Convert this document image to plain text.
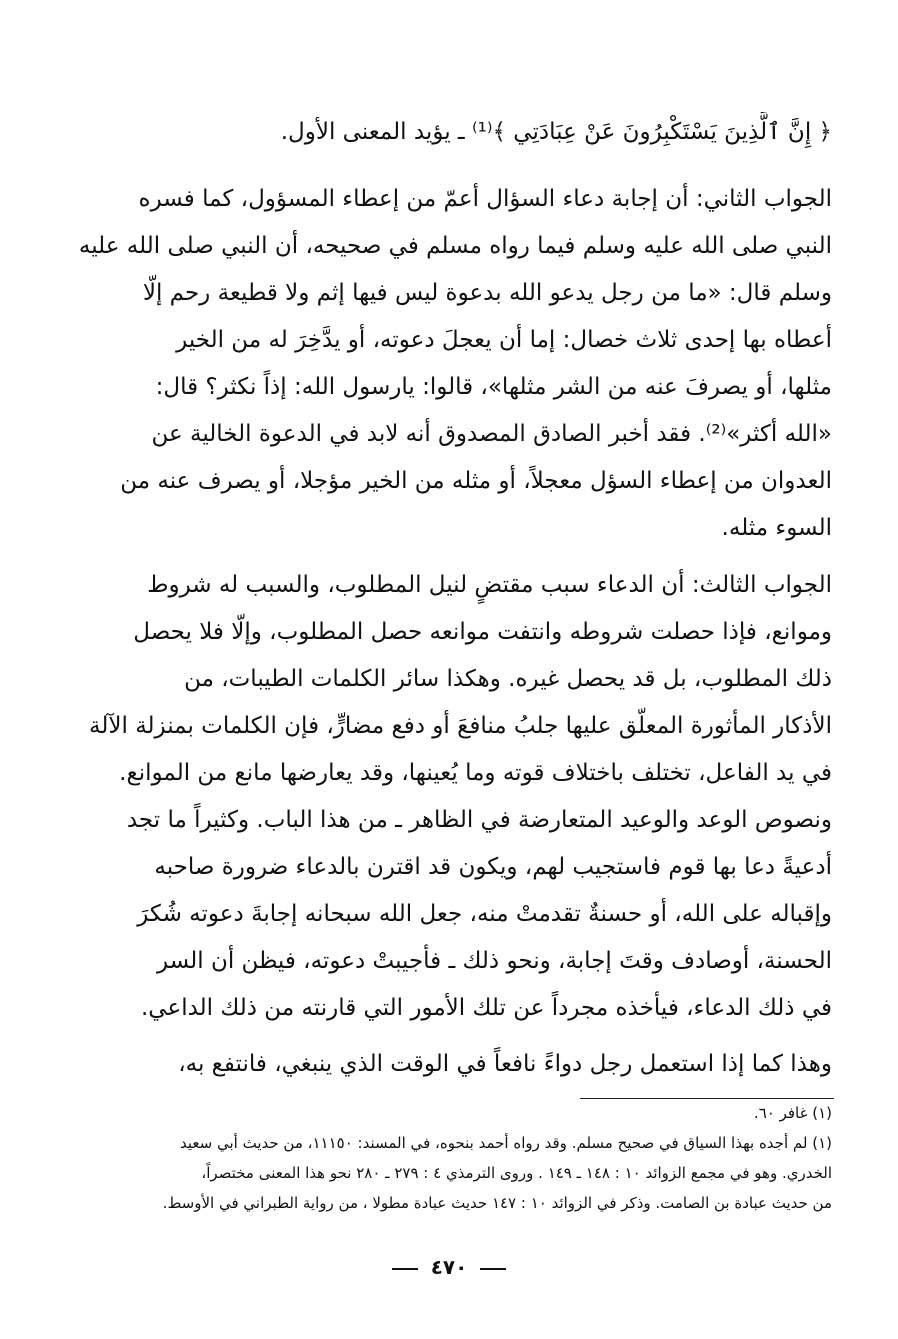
﴿ إِنَّ ٱلَّذِينَ يَسْتَكْبِرُونَ عَنْ عِبَادَتِي ﴾⁽¹⁾ ـ يؤيد المعنى الأول.
الجواب الثاني: أن إجابة دعاء السؤال أعمّ من إعطاء المسؤول، كما فسره
النبي صلى الله عليه وسلم فيما رواه مسلم في صحيحه، أن النبي صلى الله عليه
وسلم قال: «ما من رجل يدعو الله بدعوة ليس فيها إثم ولا قطيعة رحم إلّا
أعطاه بها إحدى ثلاث خصال: إما أن يعجلَ دعوته، أو يدَّخِرَ له من الخير
مثلها، أو يصرفَ عنه من الشر مثلها»، قالوا: يارسول الله: إذاً نكثر؟ قال:
«الله أكثر»⁽²⁾. فقد أخبر الصادق المصدوق أنه لابد في الدعوة الخالية عن
العدوان من إعطاء السؤل معجلاً، أو مثله من الخير مؤجلا، أو يصرف عنه من
السوء مثله.
الجواب الثالث: أن الدعاء سبب مقتضٍ لنيل المطلوب، والسبب له شروط
وموانع، فإذا حصلت شروطه وانتفت موانعه حصل المطلوب، وإلّا فلا يحصل
ذلك المطلوب، بل قد يحصل غيره. وهكذا سائر الكلمات الطيبات، من
الأذكار المأثورة المعلّق عليها جلبُ منافعَ أو دفع مضارٍّ، فإن الكلمات بمنزلة الآلة
في يد الفاعل، تختلف باختلاف قوته وما يُعينها، وقد يعارضها مانع من الموانع.
ونصوص الوعد والوعيد المتعارضة في الظاهر ـ من هذا الباب. وكثيراً ما تجد
أدعيةً دعا بها قوم فاستجيب لهم، ويكون قد اقترن بالدعاء ضرورة صاحبه
وإقباله على الله، أو حسنةٌ تقدمتْ منه، جعل الله سبحانه إجابةَ دعوته شُكرَ
الحسنة، أوصادف وقتَ إجابة، ونحو ذلك ـ فأجيبتْ دعوته، فيظن أن السر
في ذلك الدعاء، فيأخذه مجرداً عن تلك الأمور التي قارنته من ذلك الداعي.
وهذا كما إذا استعمل رجل دواءً نافعاً في الوقت الذي ينبغي، فانتفع به،
(١) غافر ٦٠.
(١) لم أجده بهذا السياق في صحيح مسلم. وقد رواه أحمد بنحوه، في المسند: ١١١٥٠، من حديث أبي سعيد
الخدري. وهو في مجمع الزوائد ١٠ : ١٤٨ ـ ١٤٩ . وروى الترمذي ٤ : ٢٧٩ ـ ٢٨٠ نحو هذا المعنى مختصراً،
من حديث عبادة بن الصامت. وذكر في الزوائد ١٠ : ١٤٧ حديث عبادة مطولا ، من رواية الطبراني في الأوسط.
٤٧٠
